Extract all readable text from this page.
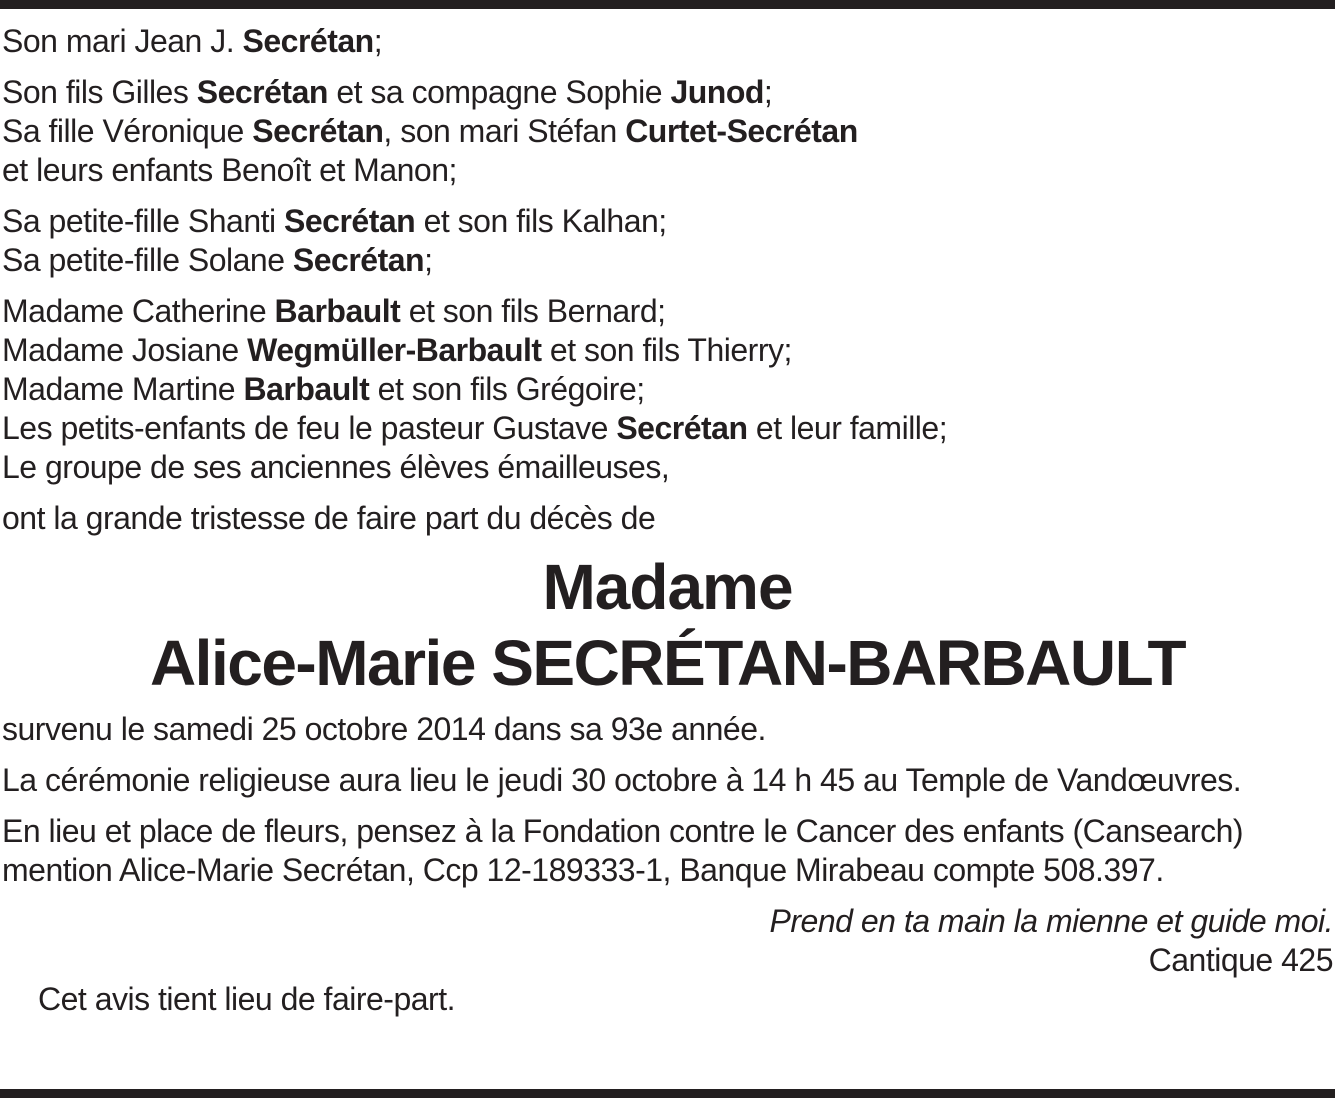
Son mari Jean J. Secrétan;
Son fils Gilles Secrétan et sa compagne Sophie Junod;
Sa fille Véronique Secrétan, son mari Stéfan Curtet-Secrétan
et leurs enfants Benoît et Manon;
Sa petite-fille Shanti Secrétan et son fils Kalhan;
Sa petite-fille Solane Secrétan;
Madame Catherine Barbault et son fils Bernard;
Madame Josiane Wegmüller-Barbault et son fils Thierry;
Madame Martine Barbault et son fils Grégoire;
Les petits-enfants de feu le pasteur Gustave Secrétan et leur famille;
Le groupe de ses anciennes élèves émailleuses,
ont la grande tristesse de faire part du décès de
Madame
Alice-Marie SECRÉTAN-BARBAULT
survenu le samedi 25 octobre 2014 dans sa 93e année.
La cérémonie religieuse aura lieu le jeudi 30 octobre à 14 h 45 au Temple de Vandœuvres.
En lieu et place de fleurs, pensez à la Fondation contre le Cancer des enfants (Cansearch)
mention Alice-Marie Secrétan, Ccp 12-189333-1, Banque Mirabeau compte 508.397.
Prend en ta main la mienne et guide moi.
Cantique 425
Cet avis tient lieu de faire-part.
